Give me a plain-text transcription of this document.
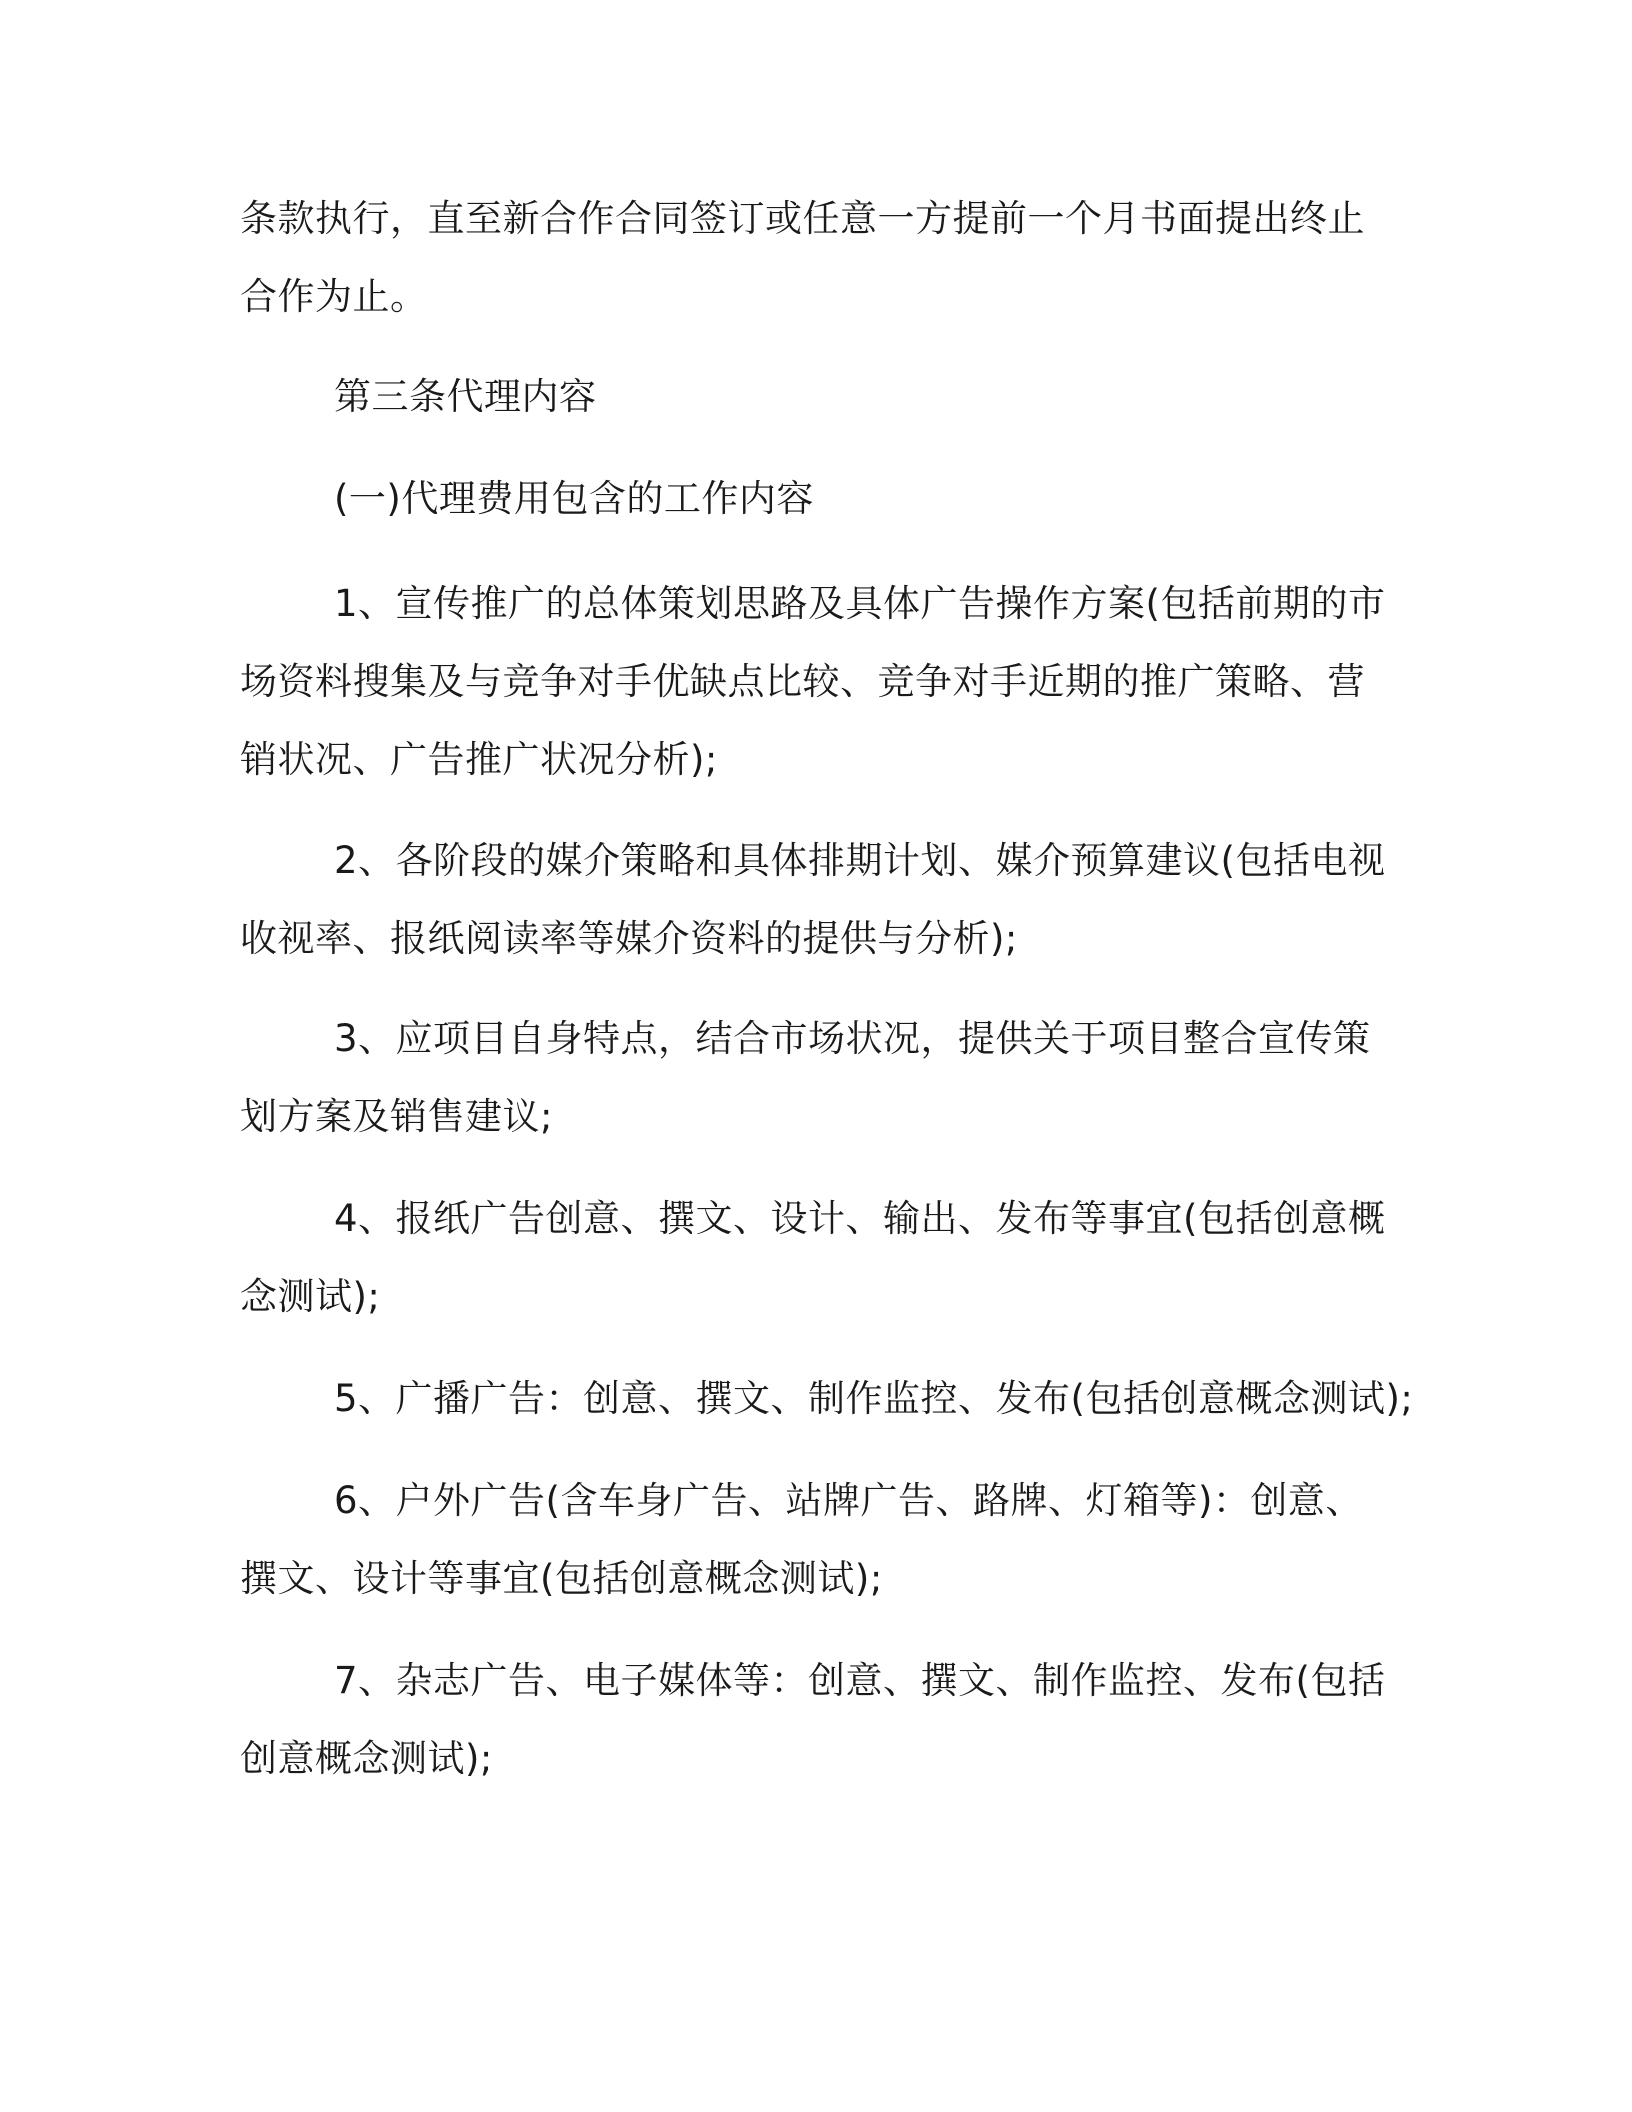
条款执行，直至新合作合同签订或任意一方提前一个月书面提出终止
合作为止。
第三条代理内容
(一)代理费用包含的工作内容
1、宣传推广的总体策划思路及具体广告操作方案(包括前期的市
场资料搜集及与竞争对手优缺点比较、竞争对手近期的推广策略、营
销状况、广告推广状况分析);
2、各阶段的媒介策略和具体排期计划、媒介预算建议(包括电视
收视率、报纸阅读率等媒介资料的提供与分析);
3、应项目自身特点，结合市场状况，提供关于项目整合宣传策
划方案及销售建议;
4、报纸广告创意、撰文、设计、输出、发布等事宜(包括创意概
念测试);
5、广播广告：创意、撰文、制作监控、发布(包括创意概念测试);
6、户外广告(含车身广告、站牌广告、路牌、灯箱等)：创意、
撰文、设计等事宜(包括创意概念测试);
7、杂志广告、电子媒体等：创意、撰文、制作监控、发布(包括
创意概念测试);
